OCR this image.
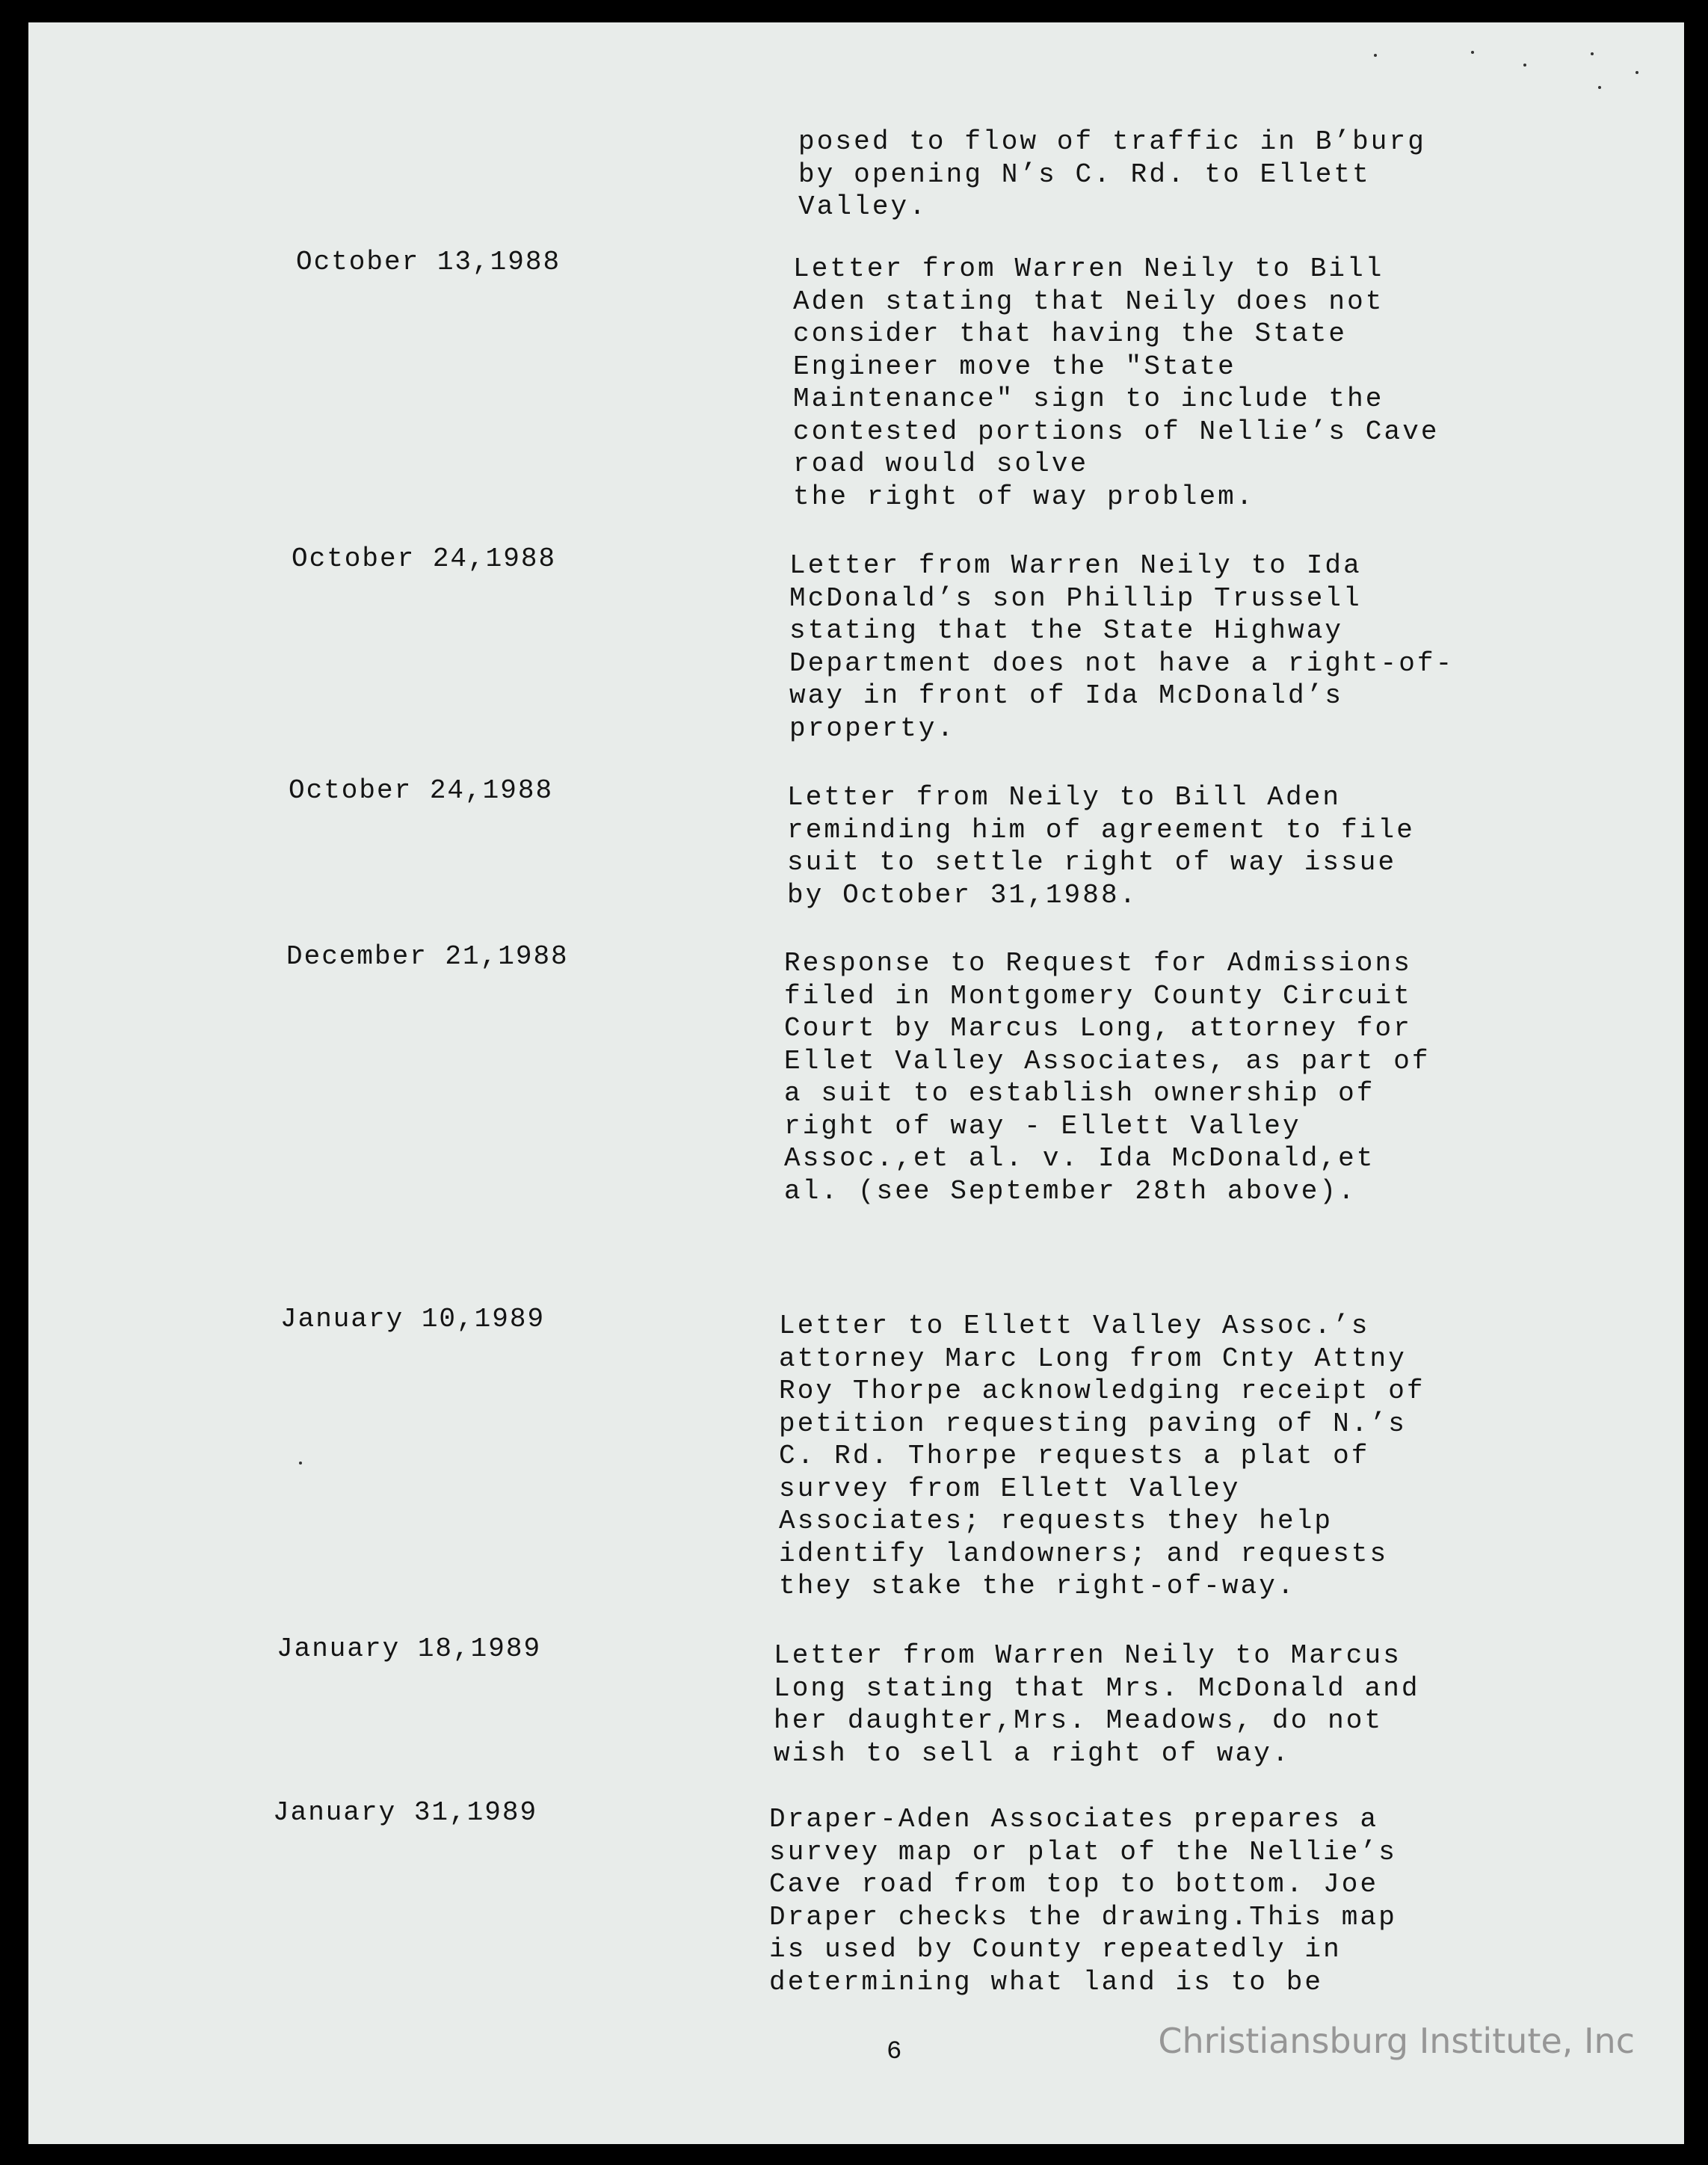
posed to flow of traffic in B’burg
by opening N’s C. Rd. to Ellett
Valley.
October 13,1988	Letter from Warren Neily to Bill
Aden stating that Neily does not
consider that having the State
Engineer move the "State
Maintenance" sign to include the
contested portions of Nellie’s Cave
road would solve
the right of way problem.
October 24,1988	Letter from Warren Neily to Ida
McDonald’s son Phillip Trussell
stating that the State Highway
Department does not have a right-of-
way in front of Ida McDonald’s
property.
October 24,1988	Letter from Neily to Bill Aden
reminding him of agreement to file
suit to settle right of way issue
by October 31,1988.
December 21,1988	Response to Request for Admissions
filed in Montgomery County Circuit
Court by Marcus Long, attorney for
Ellet Valley Associates, as part of
a suit to establish ownership of
right of way - Ellett Valley
Assoc.,et al. v. Ida McDonald,et
al. (see September 28th above).
January 10,1989	Letter to Ellett Valley Assoc.’s
attorney Marc Long from Cnty Attny
Roy Thorpe acknowledging receipt of
petition requesting paving of N.’s
C. Rd. Thorpe requests a plat of
survey from Ellett Valley
Associates; requests they help
identify landowners; and requests
they stake the right-of-way.
January 18,1989	Letter from Warren Neily to Marcus
Long stating that Mrs. McDonald and
her daughter,Mrs. Meadows, do not
wish to sell a right of way.
January 31,1989	Draper-Aden Associates prepares a
survey map or plat of the Nellie’s
Cave road from top to bottom. Joe
Draper checks the drawing.This map
is used by County repeatedly in
determining what land is to be
6	Christiansburg Institute, Inc
